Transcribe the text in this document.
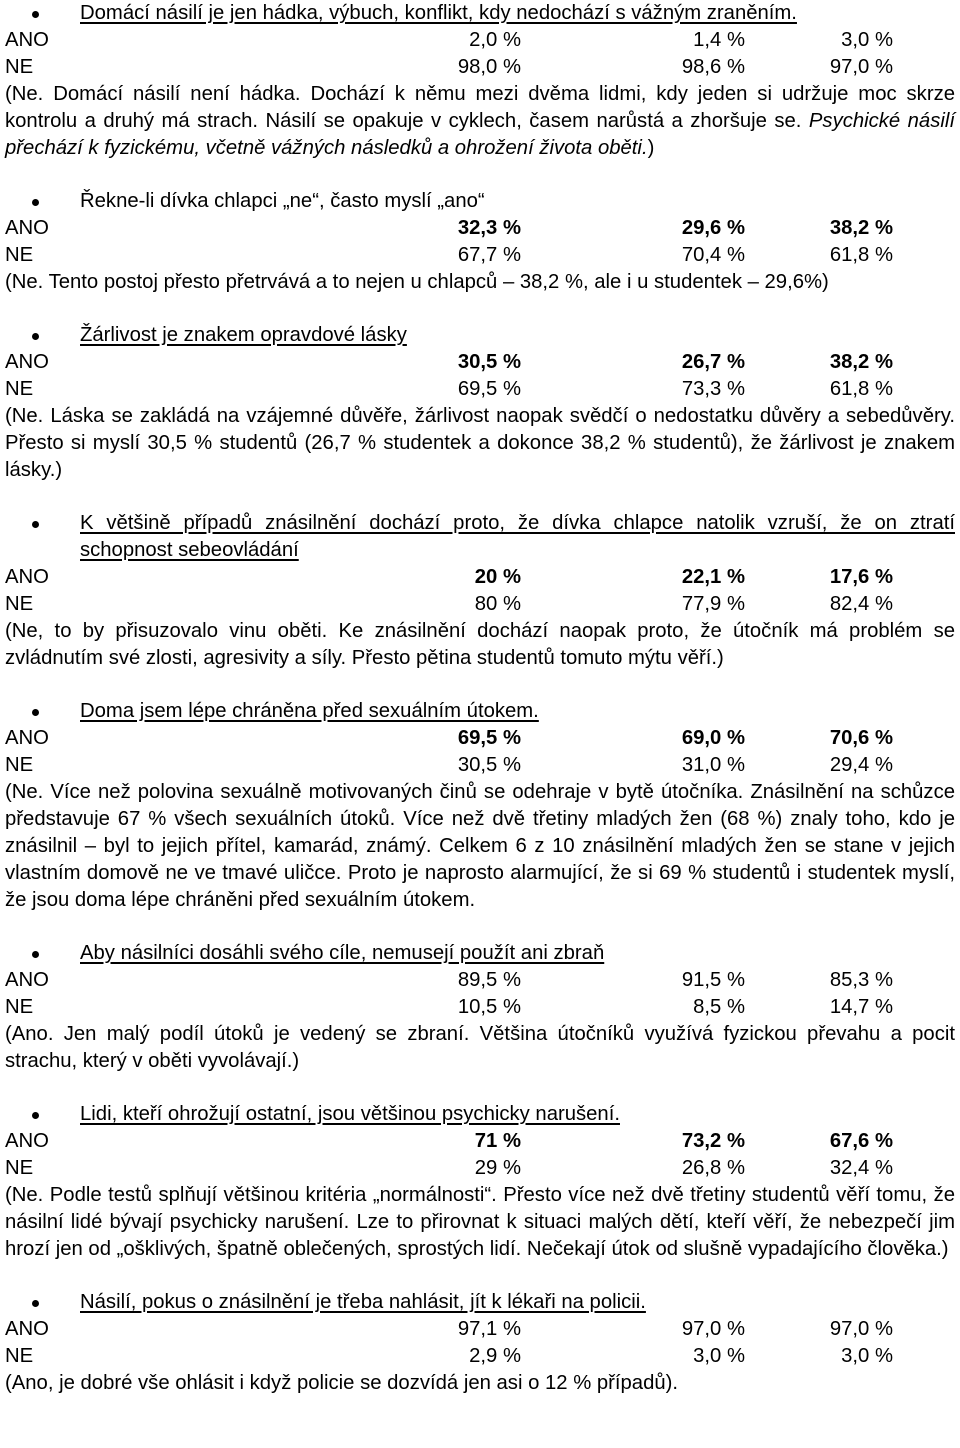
Domácí násilí je jen hádka, výbuch, konflikt, kdy nedochází s vážným zraněním.

ANO	2,0 %	1,4 %	3,0 %
NE	98,0 %	98,6 %	97,0 %

(Ne. Domácí násilí není hádka. Dochází k němu mezi dvěma lidmi, kdy jeden si udržuje moc skrze kontrolu a druhý má strach. Násilí se opakuje v cyklech, časem narůstá a zhoršuje se. Psychické násilí přechází k fyzickému, včetně vážných následků a ohrožení života oběti.)

Řekne-li dívka chlapci „ne“, často myslí „ano“

ANO	32,3 %	29,6 %	38,2 %
NE	67,7 %	70,4 %	61,8 %

(Ne. Tento postoj přesto přetrvává a to nejen u chlapců – 38,2 %, ale i u studentek – 29,6%)

Žárlivost je znakem opravdové lásky

ANO	30,5 %	26,7 %	38,2 %
NE	69,5 %	73,3 %	61,8 %

(Ne. Láska se zakládá na vzájemné důvěře, žárlivost naopak svědčí o nedostatku důvěry a sebedůvěry. Přesto si myslí 30,5 % studentů (26,7 % studentek a dokonce 38,2 % studentů), že žárlivost je znakem lásky.)

K většině případů znásilnění dochází proto, že dívka chlapce natolik vzruší, že on ztratí schopnost sebeovládání

ANO	20 %	22,1 %	17,6 %
NE	80 %	77,9 %	82,4 %

(Ne, to by přisuzovalo vinu oběti. Ke znásilnění dochází naopak proto, že útočník má problém se zvládnutím své zlosti, agresivity a síly. Přesto pětina studentů tomuto mýtu věří.)

Doma jsem lépe chráněna před sexuálním útokem.

ANO	69,5 %	69,0 %	70,6 %
NE	30,5 %	31,0 %	29,4 %

(Ne. Více než polovina sexuálně motivovaných činů se odehraje v bytě útočníka. Znásilnění na schůzce představuje 67 % všech sexuálních útoků. Více než dvě třetiny mladých žen (68 %) znaly toho, kdo je znásilnil – byl to jejich přítel, kamarád, známý. Celkem 6 z 10 znásilnění mladých žen se stane v jejich vlastním domově ne ve tmavé uličce. Proto je naprosto alarmující, že si 69 % studentů i studentek myslí, že jsou doma lépe chráněni před sexuálním útokem.

Aby násilníci dosáhli svého cíle, nemusejí použít ani zbraň

ANO	89,5 %	91,5 %	85,3 %
NE	10,5 %	8,5 %	14,7 %

(Ano. Jen malý podíl útoků je vedený se zbraní. Většina útočníků využívá fyzickou převahu a pocit strachu, který v oběti vyvolávají.)

Lidi, kteří ohrožují ostatní, jsou většinou psychicky narušení.

ANO	71 %	73,2 %	67,6 %
NE	29 %	26,8 %	32,4 %

(Ne. Podle testů splňují většinou kritéria „normálnosti“. Přesto více než dvě třetiny studentů věří tomu, že násilní lidé bývají psychicky narušení. Lze to přirovnat k situaci malých dětí, kteří věří, že nebezpečí jim hrozí jen od „ošklivých, špatně oblečených, sprostých lidí. Nečekají útok od slušně vypadajícího člověka.)

Násilí, pokus o znásilnění je třeba nahlásit, jít k lékaři na policii.

ANO	97,1 %	97,0 %	97,0 %
NE	2,9 %	3,0 %	3,0 %

(Ano, je dobré vše ohlásit i když policie se dozvídá jen asi o 12 % případů).
